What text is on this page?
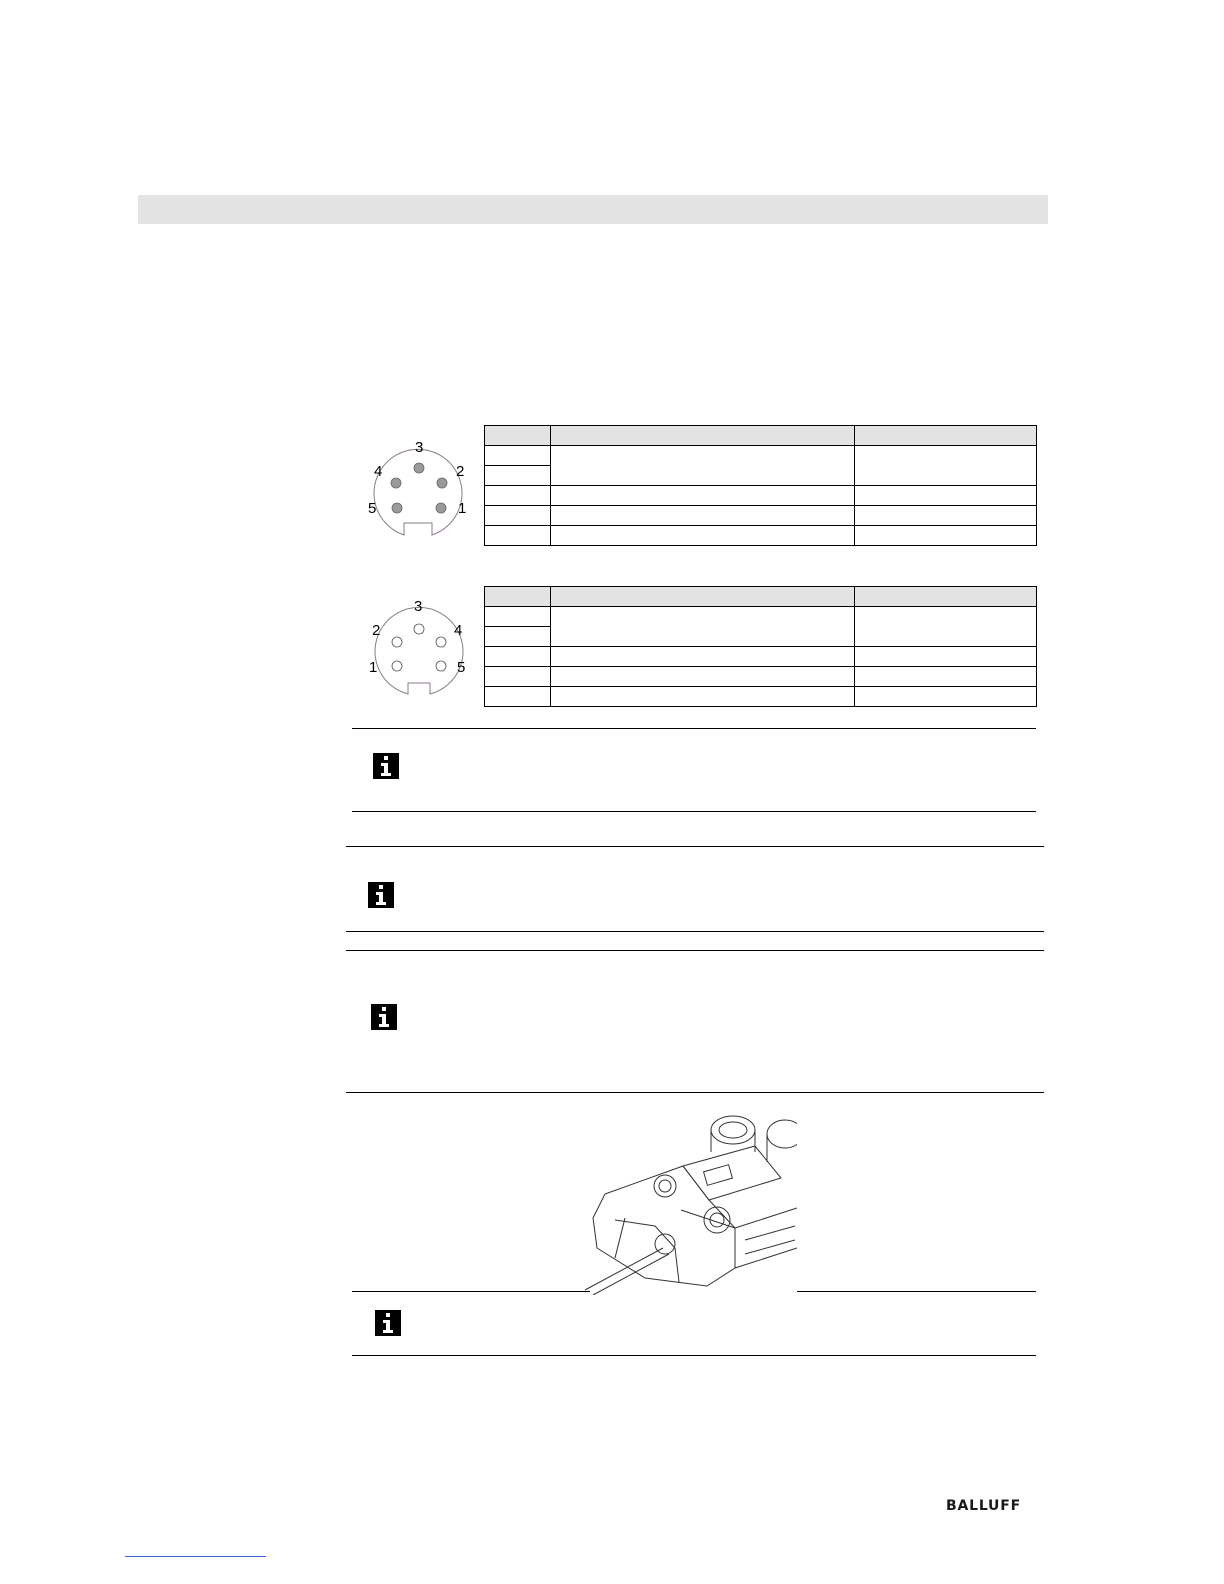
3
4	2
5	1

3
2	4
1	5

BALLUFF
